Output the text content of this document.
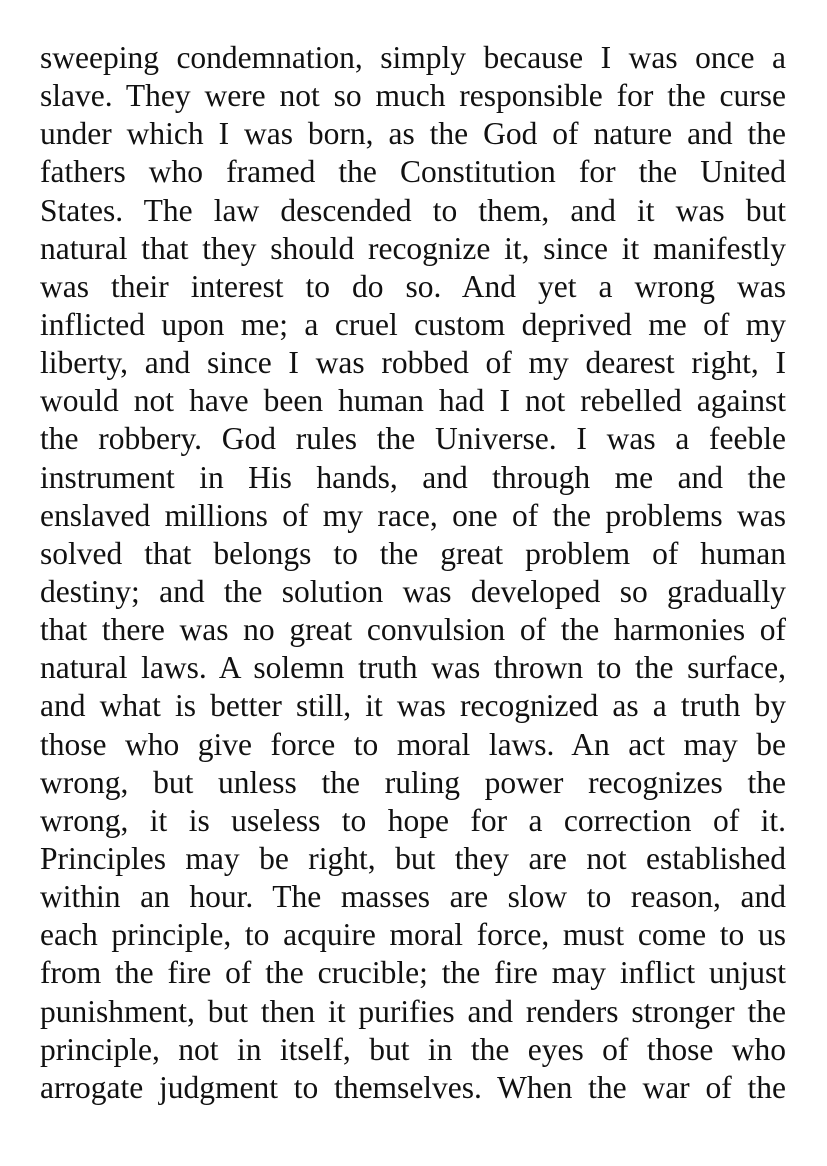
sweeping condemnation, simply because I was once a
slave. They were not so much responsible for the curse
under which I was born, as the God of nature and the
fathers who framed the Constitution for the United
States. The law descended to them, and it was but
natural that they should recognize it, since it manifestly
was their interest to do so. And yet a wrong was
inflicted upon me; a cruel custom deprived me of my
liberty, and since I was robbed of my dearest right, I
would not have been human had I not rebelled against
the robbery. God rules the Universe. I was a feeble
instrument in His hands, and through me and the
enslaved millions of my race, one of the problems was
solved that belongs to the great problem of human
destiny; and the solution was developed so gradually
that there was no great convulsion of the harmonies of
natural laws. A solemn truth was thrown to the surface,
and what is better still, it was recognized as a truth by
those who give force to moral laws. An act may be
wrong, but unless the ruling power recognizes the
wrong, it is useless to hope for a correction of it.
Principles may be right, but they are not established
within an hour. The masses are slow to reason, and
each principle, to acquire moral force, must come to us
from the fire of the crucible; the fire may inflict unjust
punishment, but then it purifies and renders stronger the
principle, not in itself, but in the eyes of those who
arrogate judgment to themselves. When the war of the
